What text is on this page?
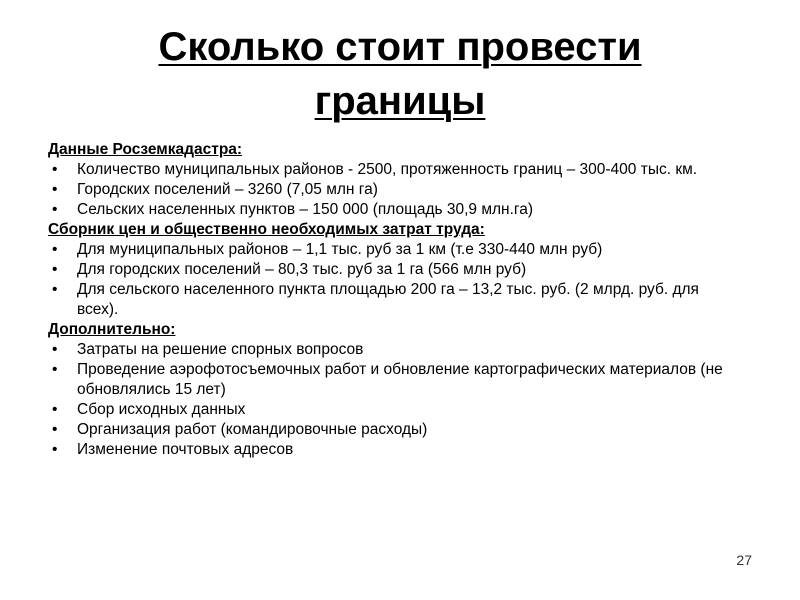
Сколько стоит провести
границы

Данные Росземкадастра:

• Количество муниципальных районов - 2500, протяженность границ – 300-400 тыс. км.
• Городских поселений – 3260 (7,05 млн га)
• Сельских населенных пунктов – 150 000 (площадь 30,9 млн.га)

Сборник цен и общественно необходимых затрат труда:

• Для муниципальных районов – 1,1 тыс. руб за 1 км (т.е 330-440 млн руб)
• Для городских поселений – 80,3 тыс. руб за 1 га (566 млн руб)
• Для сельского населенного пункта площадью 200 га – 13,2 тыс. руб. (2 млрд. руб. для всех).

Дополнительно:

• Затраты на решение спорных вопросов
• Проведение аэрофотосъемочных работ и обновление картографических материалов (не обновлялись 15 лет)
• Сбор исходных данных
• Организация работ (командировочные расходы)
• Изменение почтовых адресов
27
